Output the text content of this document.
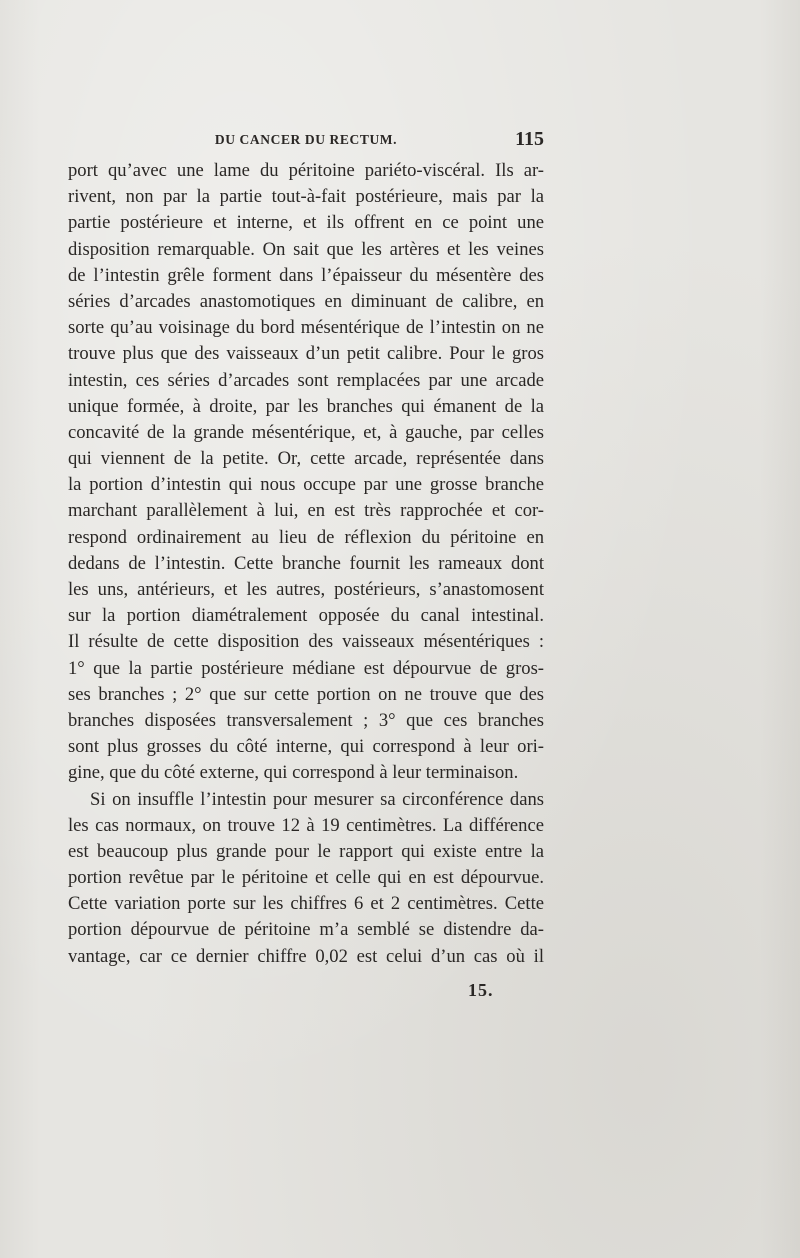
DU CANCER DU RECTUM.	115
port qu’avec une lame du péritoine pariéto-viscéral. Ils ar-
rivent, non par la partie tout-à-fait postérieure, mais par la
partie postérieure et interne, et ils offrent en ce point une
disposition remarquable. On sait que les artères et les veines
de l’intestin grêle forment dans l’épaisseur du mésentère des
séries d’arcades anastomotiques en diminuant de calibre, en
sorte qu’au voisinage du bord mésentérique de l’intestin on ne
trouve plus que des vaisseaux d’un petit calibre. Pour le gros
intestin, ces séries d’arcades sont remplacées par une arcade
unique formée, à droite, par les branches qui émanent de la
concavité de la grande mésentérique, et, à gauche, par celles
qui viennent de la petite. Or, cette arcade, représentée dans
la portion d’intestin qui nous occupe par une grosse branche
marchant parallèlement à lui, en est très rapprochée et cor-
respond ordinairement au lieu de réflexion du péritoine en
dedans de l’intestin. Cette branche fournit les rameaux dont
les uns, antérieurs, et les autres, postérieurs, s’anastomosent
sur la portion diamétralement opposée du canal intestinal.
Il résulte de cette disposition des vaisseaux mésentériques :
1° que la partie postérieure médiane est dépourvue de gros-
ses branches ; 2° que sur cette portion on ne trouve que des
branches disposées transversalement ; 3° que ces branches
sont plus grosses du côté interne, qui correspond à leur ori-
gine, que du côté externe, qui correspond à leur terminaison.
Si on insuffle l’intestin pour mesurer sa circonférence dans
les cas normaux, on trouve 12 à 19 centimètres. La différence
est beaucoup plus grande pour le rapport qui existe entre la
portion revêtue par le péritoine et celle qui en est dépourvue.
Cette variation porte sur les chiffres 6 et 2 centimètres. Cette
portion dépourvue de péritoine m’a semblé se distendre da-
vantage, car ce dernier chiffre 0,02 est celui d’un cas où il
15.
